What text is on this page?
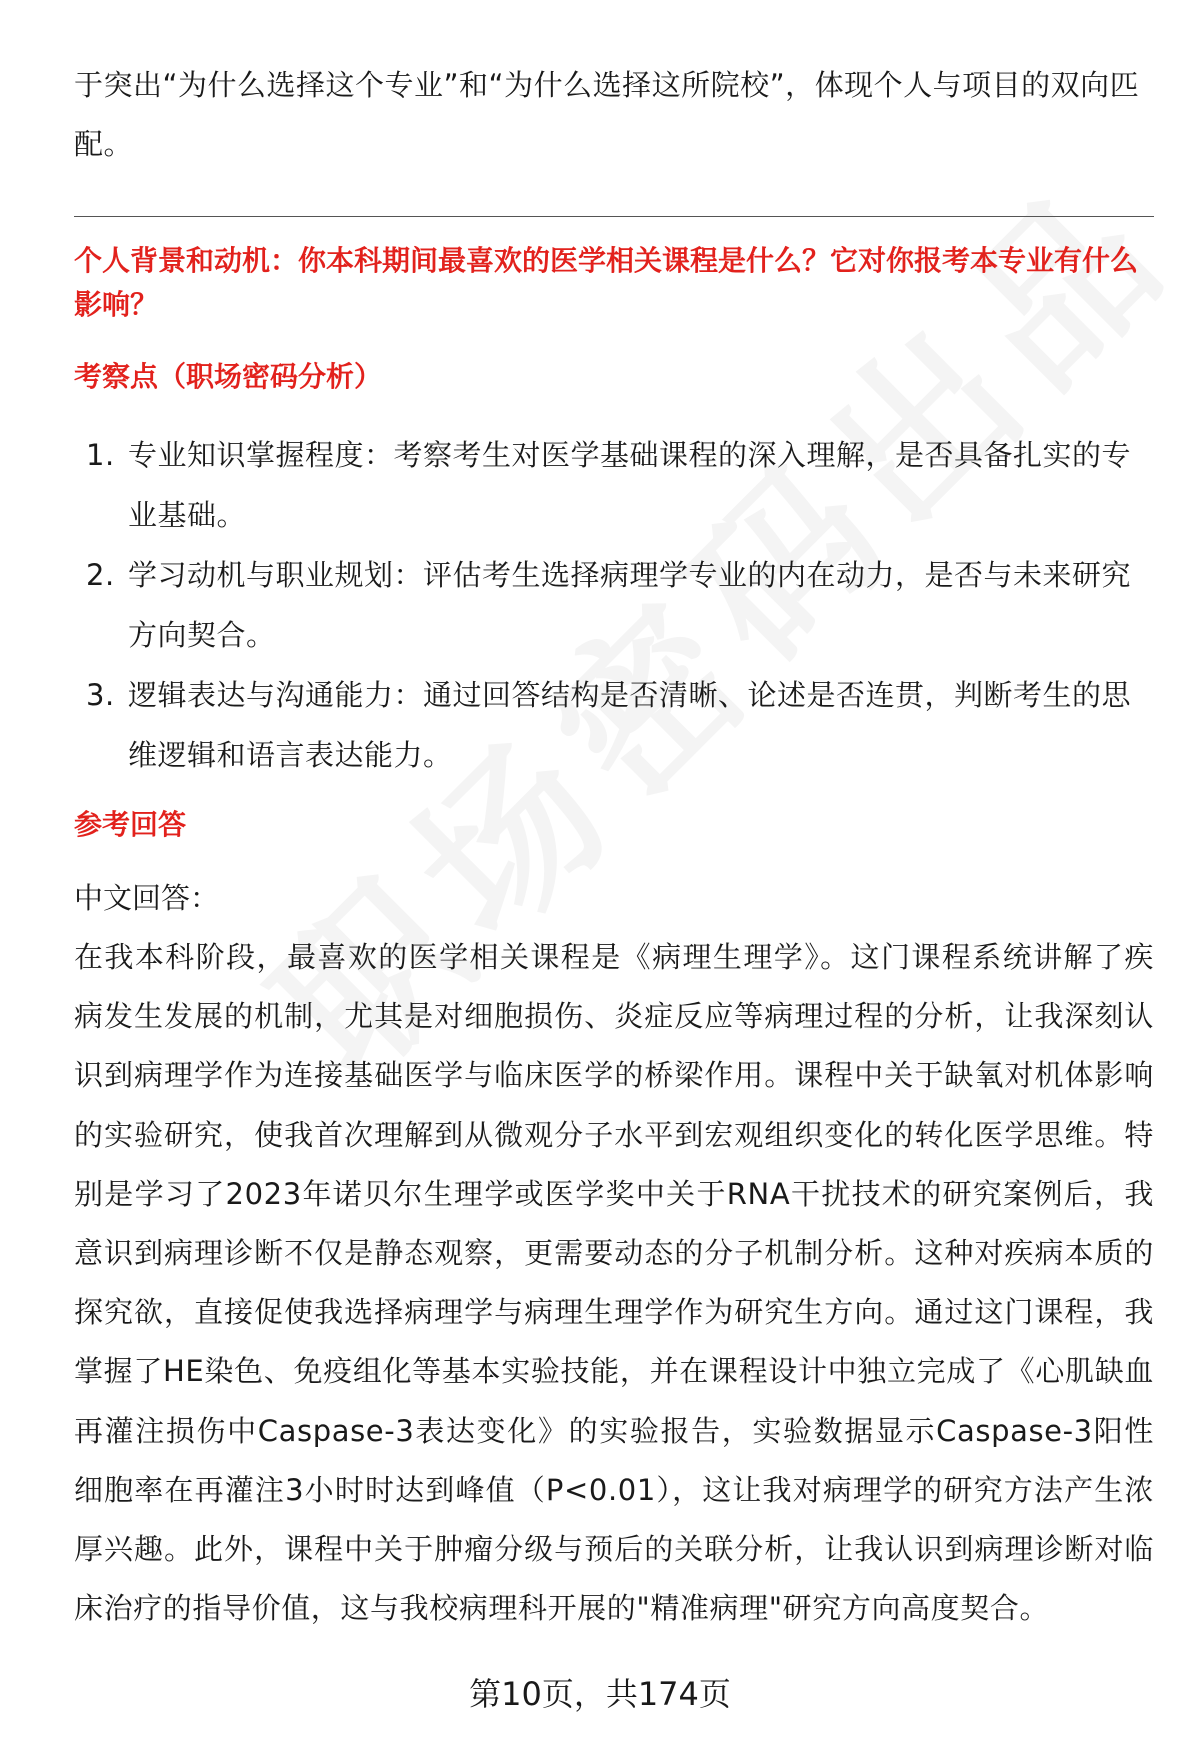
于突出“为什么选择这个专业”和“为什么选择这所院校”，体现个人与项目的双向匹配。

个人背景和动机：你本科期间最喜欢的医学相关课程是什么？它对你报考本专业有什么影响？

考察点（职场密码分析）

1. 专业知识掌握程度：考察考生对医学基础课程的深入理解，是否具备扎实的专业基础。
2. 学习动机与职业规划：评估考生选择病理学专业的内在动力，是否与未来研究方向契合。
3. 逻辑表达与沟通能力：通过回答结构是否清晰、论述是否连贯，判断考生的思维逻辑和语言表达能力。

参考回答

中文回答：

在我本科阶段，最喜欢的医学相关课程是《病理生理学》。这门课程系统讲解了疾病发生发展的机制，尤其是对细胞损伤、炎症反应等病理过程的分析，让我深刻认识到病理学作为连接基础医学与临床医学的桥梁作用。课程中关于缺氧对机体影响的实验研究，使我首次理解到从微观分子水平到宏观组织变化的转化医学思维。特别是学习了2023年诺贝尔生理学或医学奖中关于RNA干扰技术的研究案例后，我意识到病理诊断不仅是静态观察，更需要动态的分子机制分析。这种对疾病本质的探究欲，直接促使我选择病理学与病理生理学作为研究生方向。通过这门课程，我掌握了HE染色、免疫组化等基本实验技能，并在课程设计中独立完成了《心肌缺血再灌注损伤中Caspase-3表达变化》的实验报告，实验数据显示Caspase-3阳性细胞率在再灌注3小时时达到峰值（P<0.01），这让我对病理学的研究方法产生浓厚兴趣。此外，课程中关于肿瘤分级与预后的关联分析，让我认识到病理诊断对临床治疗的指导价值，这与我校病理科开展的"精准病理"研究方向高度契合。

第10页，共174页
